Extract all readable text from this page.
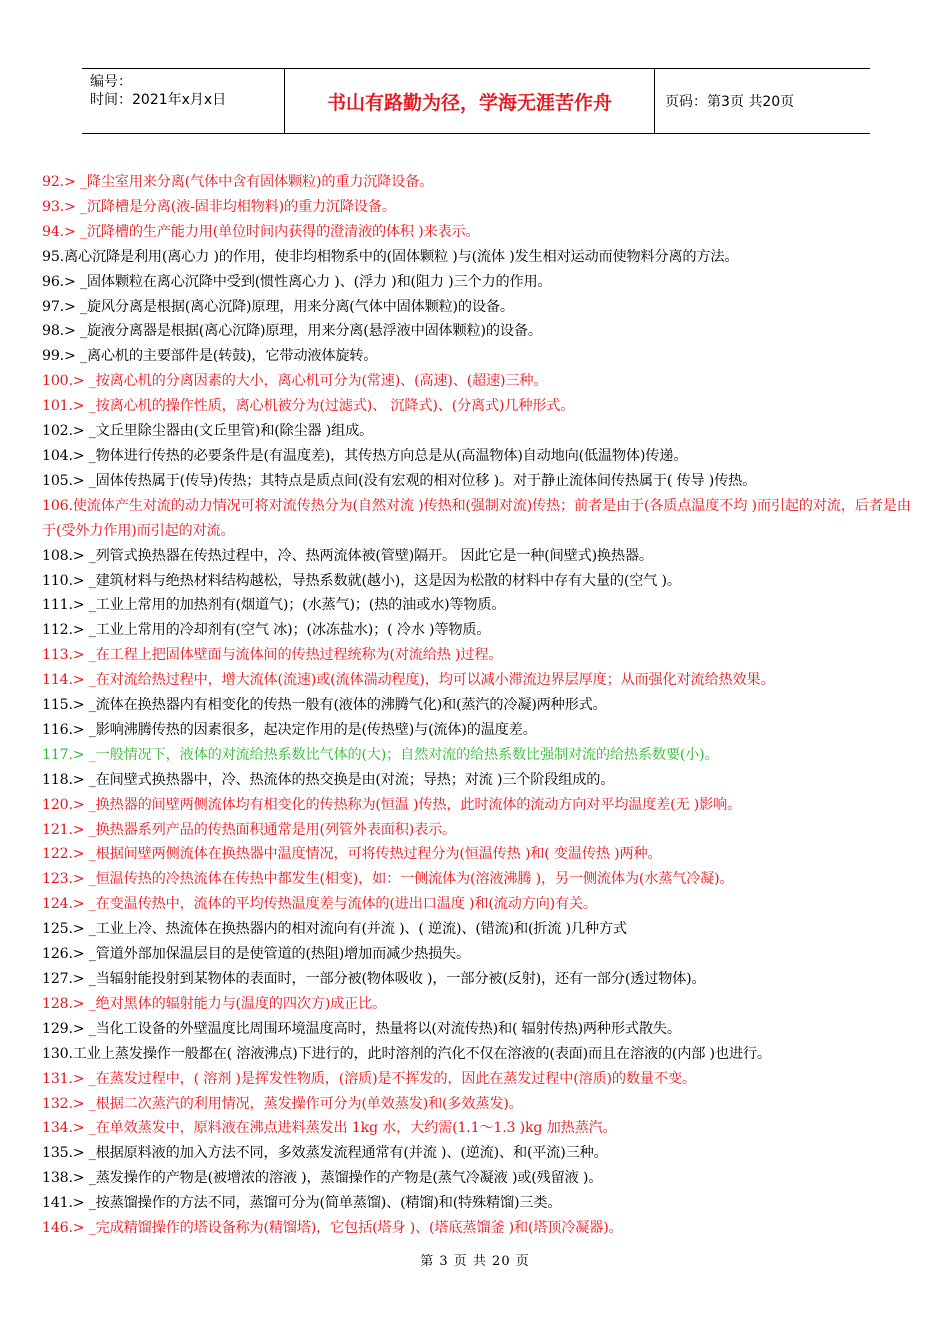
编号：
时间：2021年x月x日	书山有路勤为径，学海无涯苦作舟	页码：第3页 共20页
92.> _降尘室用来分离(气体中含有固体颗粒)的重力沉降设备。
93.> _沉降槽是分离(液-固非均相物料)的重力沉降设备。
94.> _沉降槽的生产能力用(单位时间内获得的澄清液的体积 )来表示。
95.离心沉降是利用(离心力 )的作用，使非均相物系中的(固体颗粒 )与(流体 )发生相对运动而使物料分离的方法。
96.> _固体颗粒在离心沉降中受到(惯性离心力 )、(浮力 )和(阻力 )三个力的作用。
97.> _旋风分离是根据(离心沉降)原理，用来分离(气体中固体颗粒)的设备。
98.> _旋液分离器是根据(离心沉降)原理，用来分离(悬浮液中固体颗粒)的设备。
99.> _离心机的主要部件是(转鼓)，它带动液体旋转。
100.> _按离心机的分离因素的大小，离心机可分为(常速)、(高速)、(超速)三种。
101.> _按离心机的操作性质，离心机被分为(过滤式)、 沉降式)、(分离式)几种形式。
102.> _文丘里除尘器由(文丘里管)和(除尘器 )组成。
104.> _物体进行传热的必要条件是(有温度差)，其传热方向总是从(高温物体)自动地向(低温物体)传递。
105.> _固体传热属于(传导)传热；其特点是质点间(没有宏观的相对位移 )。对于静止流体间传热属于( 传导 )传热。
106.使流体产生对流的动力情况可将对流传热分为(自然对流 )传热和(强制对流)传热；前者是由于(各质点温度不均 )而引起的对流，后者是由于(受外力作用)而引起的对流。
108.> _列管式换热器在传热过程中，冷、热两流体被(管壁)隔开。 因此它是一种(间壁式)换热器。
110.> _建筑材料与绝热材料结构越松，导热系数就(越小)，这是因为松散的材料中存有大量的(空气 )。
111.> _工业上常用的加热剂有(烟道气)；(水蒸气)；(热的油或水)等物质。
112.> _工业上常用的冷却剂有(空气 冰)；(冰冻盐水)；( 冷水 )等物质。
113.> _在工程上把固体壁面与流体间的传热过程统称为(对流给热 )过程。
114.> _在对流给热过程中，增大流体(流速)或(流体湍动程度)，均可以减小滞流边界层厚度；从而强化对流给热效果。
115.> _流体在换热器内有相变化的传热一般有(液体的沸腾气化)和(蒸汽的冷凝)两种形式。
116.> _影响沸腾传热的因素很多，起决定作用的是(传热壁)与(流体)的温度差。
117.> _一般情况下，液体的对流给热系数比气体的(大)；自然对流的给热系数比强制对流的给热系数要(小)。
118.> _在间壁式换热器中，冷、热流体的热交换是由(对流；导热；对流 )三个阶段组成的。
120.> _换热器的间壁两侧流体均有相变化的传热称为(恒温 )传热，此时流体的流动方向对平均温度差(无 )影响。
121.> _换热器系列产品的传热面积通常是用(列管外表面积)表示。
122.> _根据间壁两侧流体在换热器中温度情况，可将传热过程分为(恒温传热 )和( 变温传热 )两种。
123.> _恒温传热的冷热流体在传热中都发生(相变)，如：一侧流体为(溶液沸腾 )，另一侧流体为(水蒸气冷凝)。
124.> _在变温传热中，流体的平均传热温度差与流体的(进出口温度 )和(流动方向)有关。
125.> _工业上冷、热流体在换热器内的相对流向有(并流 )、( 逆流)、(错流)和(折流 )几种方式
126.> _管道外部加保温层目的是使管道的(热阻)增加而减少热损失。
127.> _当辐射能投射到某物体的表面时，一部分被(物体吸收 )，一部分被(反射)，还有一部分(透过物体)。
128.> _绝对黑体的辐射能力与(温度的四次方)成正比。
129.> _当化工设备的外壁温度比周围环境温度高时，热量将以(对流传热)和( 辐射传热)两种形式散失。
130.工业上蒸发操作一般都在( 溶液沸点)下进行的，此时溶剂的汽化不仅在溶液的(表面)而且在溶液的(内部 )也进行。
131.> _在蒸发过程中，( 溶剂 )是挥发性物质，(溶质)是不挥发的，因此在蒸发过程中(溶质)的数量不变。
132.> _根据二次蒸汽的利用情况，蒸发操作可分为(单效蒸发)和(多效蒸发)。
134.> _在单效蒸发中，原料液在沸点进料蒸发出 1kg 水，大约需(1.1～1.3 )kg 加热蒸汽。
135.> _根据原料液的加入方法不同，多效蒸发流程通常有(并流 )、(逆流)、和(平流)三种。
138.> _蒸发操作的产物是(被增浓的溶液 )，蒸馏操作的产物是(蒸气冷凝液 )或(残留液 )。
141.> _按蒸馏操作的方法不同，蒸馏可分为(简单蒸馏)、(精馏)和(特殊精馏)三类。
146.> _完成精馏操作的塔设备称为(精馏塔)，它包括(塔身 )、(塔底蒸馏釜 )和(塔顶冷凝器)。
第 3 页 共 20 页
